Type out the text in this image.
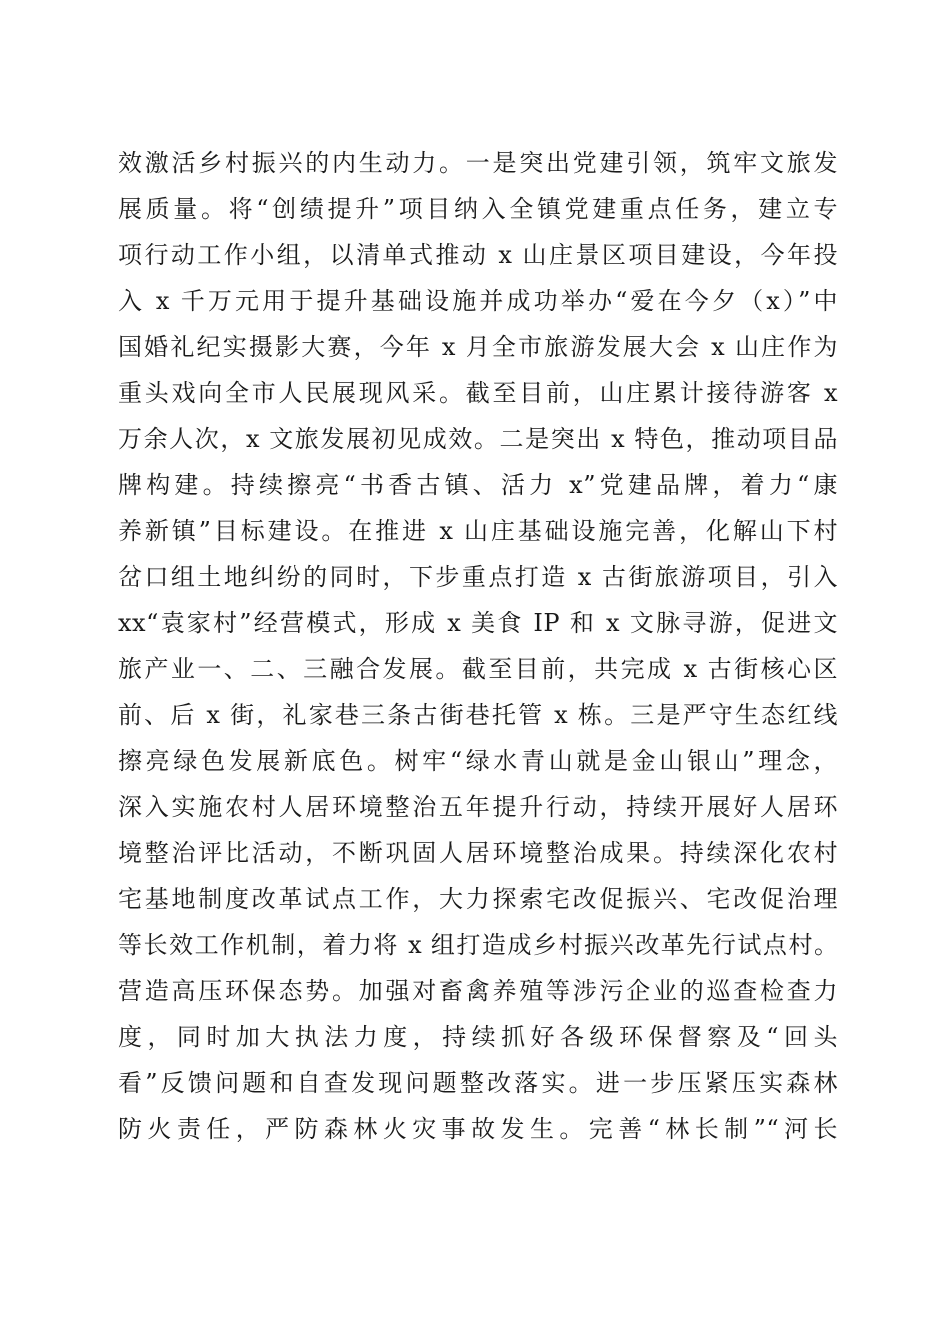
效激活乡村振兴的内生动力。一是突出党建引领，筑牢文旅发
展质量。将“创绩提升”项目纳入全镇党建重点任务，建立专
项行动工作小组，以清单式推动 x 山庄景区项目建设，今年投
入 x 千万元用于提升基础设施并成功举办“爱在今夕（x）”中
国婚礼纪实摄影大赛，今年 x 月全市旅游发展大会 x 山庄作为
重头戏向全市人民展现风采。截至目前，山庄累计接待游客 x
万余人次，x 文旅发展初见成效。二是突出 x 特色，推动项目品
牌构建。持续擦亮“书香古镇、活力 x”党建品牌，着力“康
养新镇”目标建设。在推进 x 山庄基础设施完善，化解山下村
岔口组土地纠纷的同时，下步重点打造 x 古街旅游项目，引入
xx“袁家村”经营模式，形成 x 美食 IP 和 x 文脉寻游，促进文
旅产业一、二、三融合发展。截至目前，共完成 x 古街核心区
前、后 x 街，礼家巷三条古街巷托管 x 栋。三是严守生态红线
擦亮绿色发展新底色。树牢“绿水青山就是金山银山”理念，
深入实施农村人居环境整治五年提升行动，持续开展好人居环
境整治评比活动，不断巩固人居环境整治成果。持续深化农村
宅基地制度改革试点工作，大力探索宅改促振兴、宅改促治理
等长效工作机制，着力将 x 组打造成乡村振兴改革先行试点村。
营造高压环保态势。加强对畜禽养殖等涉污企业的巡查检查力
度，同时加大执法力度，持续抓好各级环保督察及“回头
看”反馈问题和自查发现问题整改落实。进一步压紧压实森林
防火责任，严防森林火灾事故发生。完善“林长制”“河长
